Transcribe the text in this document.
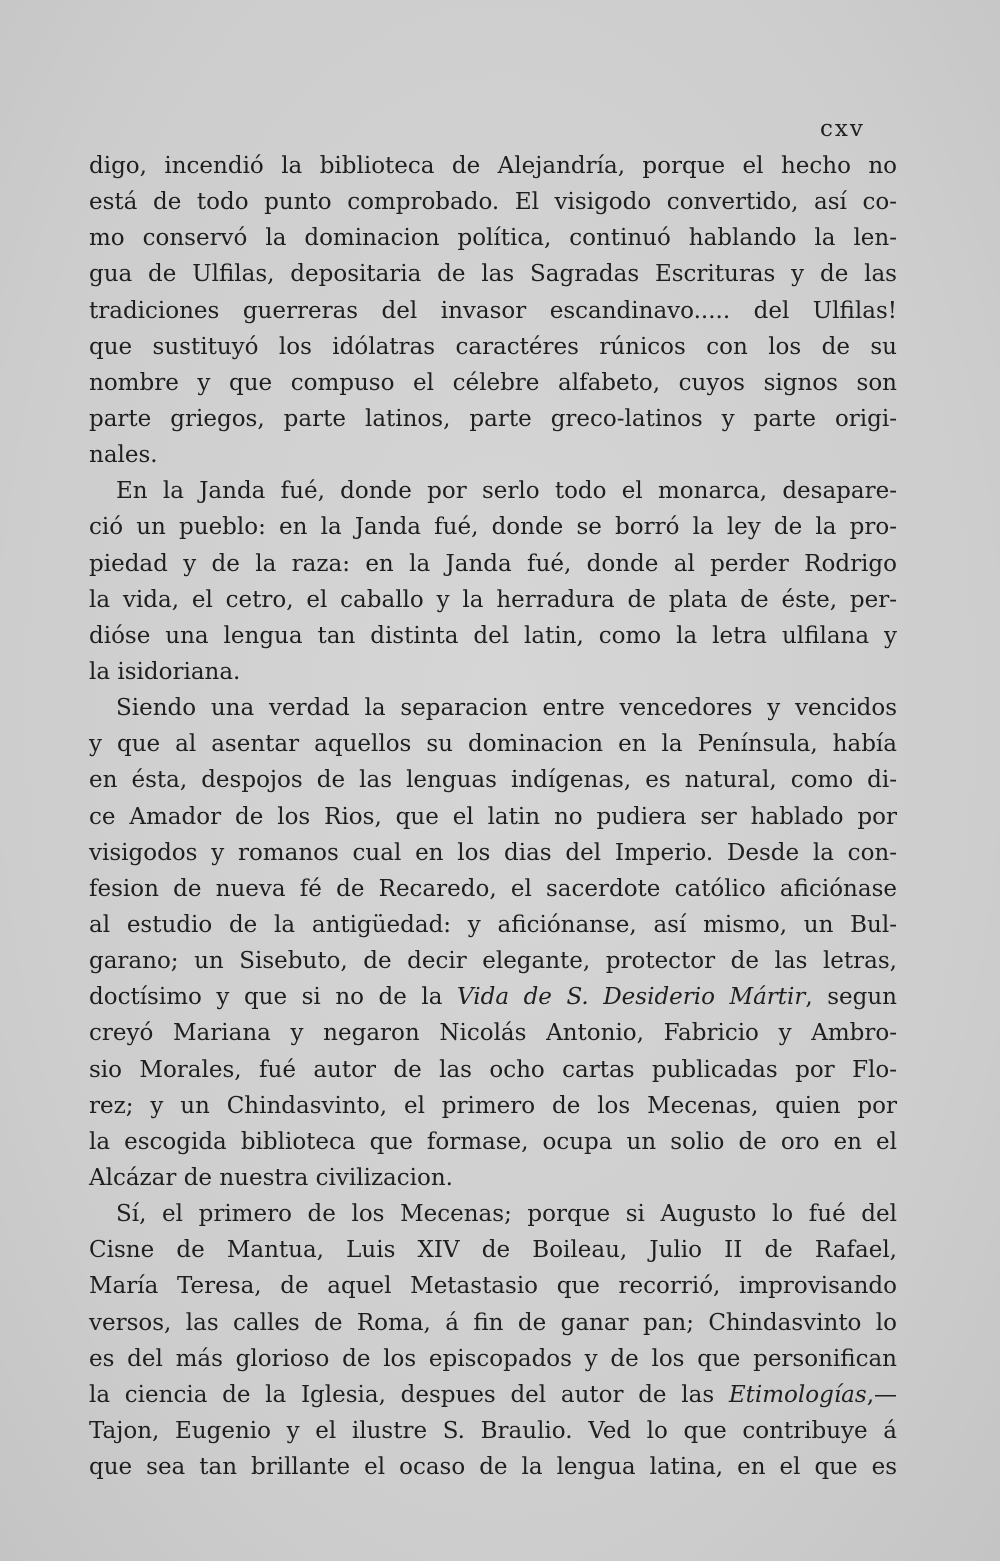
cxv
digo, incendió la biblioteca de Alejandría, porque el hecho no
está de todo punto comprobado. El visigodo convertido, así co-
mo conservó la dominacion política, continuó hablando la len-
gua de Ulfilas, depositaria de las Sagradas Escrituras y de las
tradiciones guerreras del invasor escandinavo..... del Ulfilas!
que sustituyó los idólatras caractéres rúnicos con los de su
nombre y que compuso el célebre alfabeto, cuyos signos son
parte griegos, parte latinos, parte greco-latinos y parte origi-
nales.
En la Janda fué, donde por serlo todo el monarca, desapare-
ció un pueblo: en la Janda fué, donde se borró la ley de la pro-
piedad y de la raza: en la Janda fué, donde al perder Rodrigo
la vida, el cetro, el caballo y la herradura de plata de éste, per-
dióse una lengua tan distinta del latin, como la letra ulfilana y
la isidoriana.
Siendo una verdad la separacion entre vencedores y vencidos
y que al asentar aquellos su dominacion en la Península, había
en ésta, despojos de las lenguas indígenas, es natural, como di-
ce Amador de los Rios, que el latin no pudiera ser hablado por
visigodos y romanos cual en los dias del Imperio. Desde la con-
fesion de nueva fé de Recaredo, el sacerdote católico aficiónase
al estudio de la antigüedad: y aficiónanse, así mismo, un Bul-
garano; un Sisebuto, de decir elegante, protector de las letras,
doctísimo y que si no de la Vida de S. Desiderio Mártir, segun
creyó Mariana y negaron Nicolás Antonio, Fabricio y Ambro-
sio Morales, fué autor de las ocho cartas publicadas por Flo-
rez; y un Chindasvinto, el primero de los Mecenas, quien por
la escogida biblioteca que formase, ocupa un solio de oro en el
Alcázar de nuestra civilizacion.
Sí, el primero de los Mecenas; porque si Augusto lo fué del
Cisne de Mantua, Luis XIV de Boileau, Julio II de Rafael,
María Teresa, de aquel Metastasio que recorrió, improvisando
versos, las calles de Roma, á fin de ganar pan; Chindasvinto lo
es del más glorioso de los episcopados y de los que personifican
la ciencia de la Iglesia, despues del autor de las Etimologías,—
Tajon, Eugenio y el ilustre S. Braulio. Ved lo que contribuye á
que sea tan brillante el ocaso de la lengua latina, en el que es
